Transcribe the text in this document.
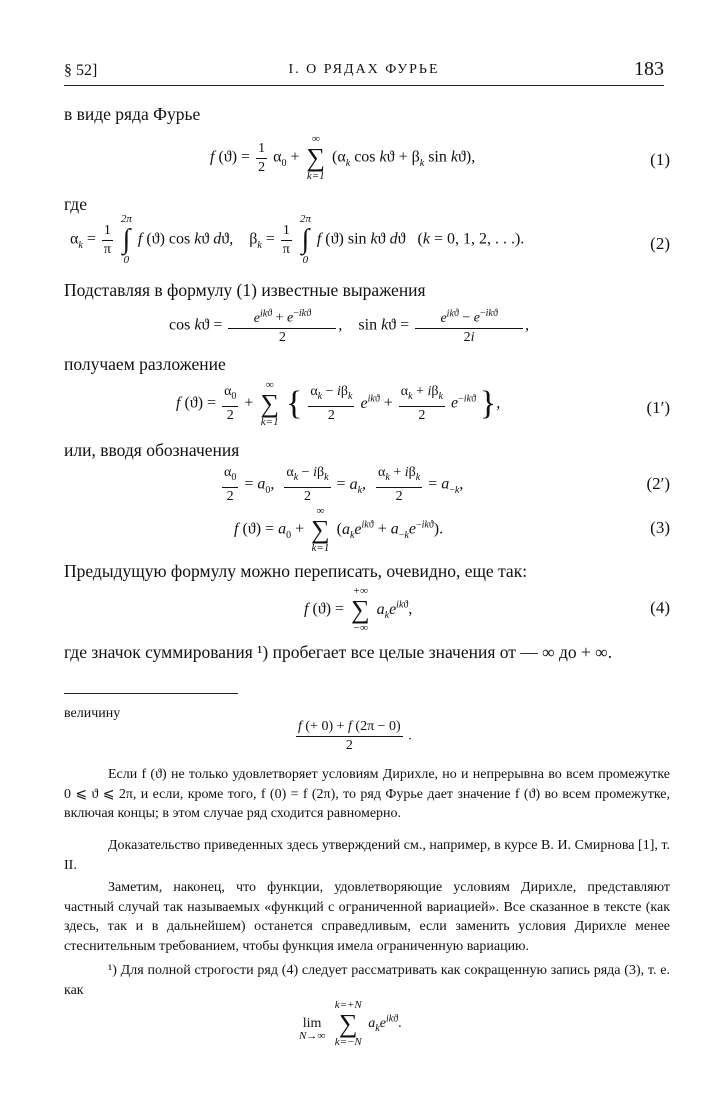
§ 52]	I. О РЯДАХ ФУРЬЕ	183
в виде ряда Фурье
f $(ϑ) = \frac{1}{2} \alpha_0$ +
∞
∑
k=1
($\alpha_k$ $\cos kϑ + \beta_k$ sin kϑ),	(1)
где
$\alpha_k = \frac{1}{\pi}$

2π
∫
0
f (ϑ) cos kϑ dϑ,    $\beta_k = \frac{1}{\pi}$

2π
∫
0
f (ϑ) sin kϑ dϑ   (k = 0, 1, 2, . . .).	(2)
Подставляя в формулу (1) известные выражения
$\cos kϑ = \frac{e^{ikϑ} + e^{-ikϑ}}{2}$ ,    $\sin kϑ = \frac{e^{ikϑ} - e^{-ikϑ}}{2i}$ ,
получаем разложение
f $(ϑ) = \frac{\alpha_0}{2}$ +
∞
∑
k=1 { $\frac{\alpha_k - i\beta_k}{2} e^{ikϑ} + \frac{\alpha_k + i\beta_k}{2} e^{-ikϑ}$ },	(1′)
или, вводя обозначения
$\frac{\alpha_0}{2} = a_0$, $\frac{\alpha_k - i\beta_k}{2} = a_k$, $\frac{\alpha_k + i\beta_k}{2} = a_{-k}$,	(2′)
f $(ϑ) = a_0$ +
∞
∑
k=1
$(a_ke^{ikϑ} + a_{-k}e^{-ikϑ})$.	(3)
Предыдущую формулу можно переписать, очевидно, еще так:
f (ϑ) =
+∞
∑
−∞
$a_ke^{ikϑ}$,	(4)
где значок суммирования ¹) пробегает все целые значения от — ∞ до + ∞.
величину
$\frac{f (+ 0) + f (2\pi - 0)}{2}$ .
Если f (ϑ) не только удовлетворяет условиям Дирихле, но и непрерывна во всем промежутке 0 ⩽ ϑ ⩽ 2π, и если, кроме того, f (0) = f (2π), то ряд Фурье дает значение f (ϑ) во всем промежутке, включая концы; в этом случае ряд сходится равномерно.
Доказательство приведенных здесь утверждений см., например, в курсе В. И. Смирнова [1], т. II.
Заметим, наконец, что функции, удовлетворяющие условиям Дирихле, представляют частный случай так называемых «функций с ограниченной вариацией». Все сказанное в тексте (как здесь, так и в дальнейшем) останется справедливым, если заменить условия Дирихле менее стеснительным требованием, чтобы функция имела ограниченную вариацию.
¹) Для полной строгости ряд (4) следует рассматривать как сокращенную запись ряда (3), т. е. как

lim
N→∞

k=+N
∑
k=−N
$a_ke^{ikϑ}$.
